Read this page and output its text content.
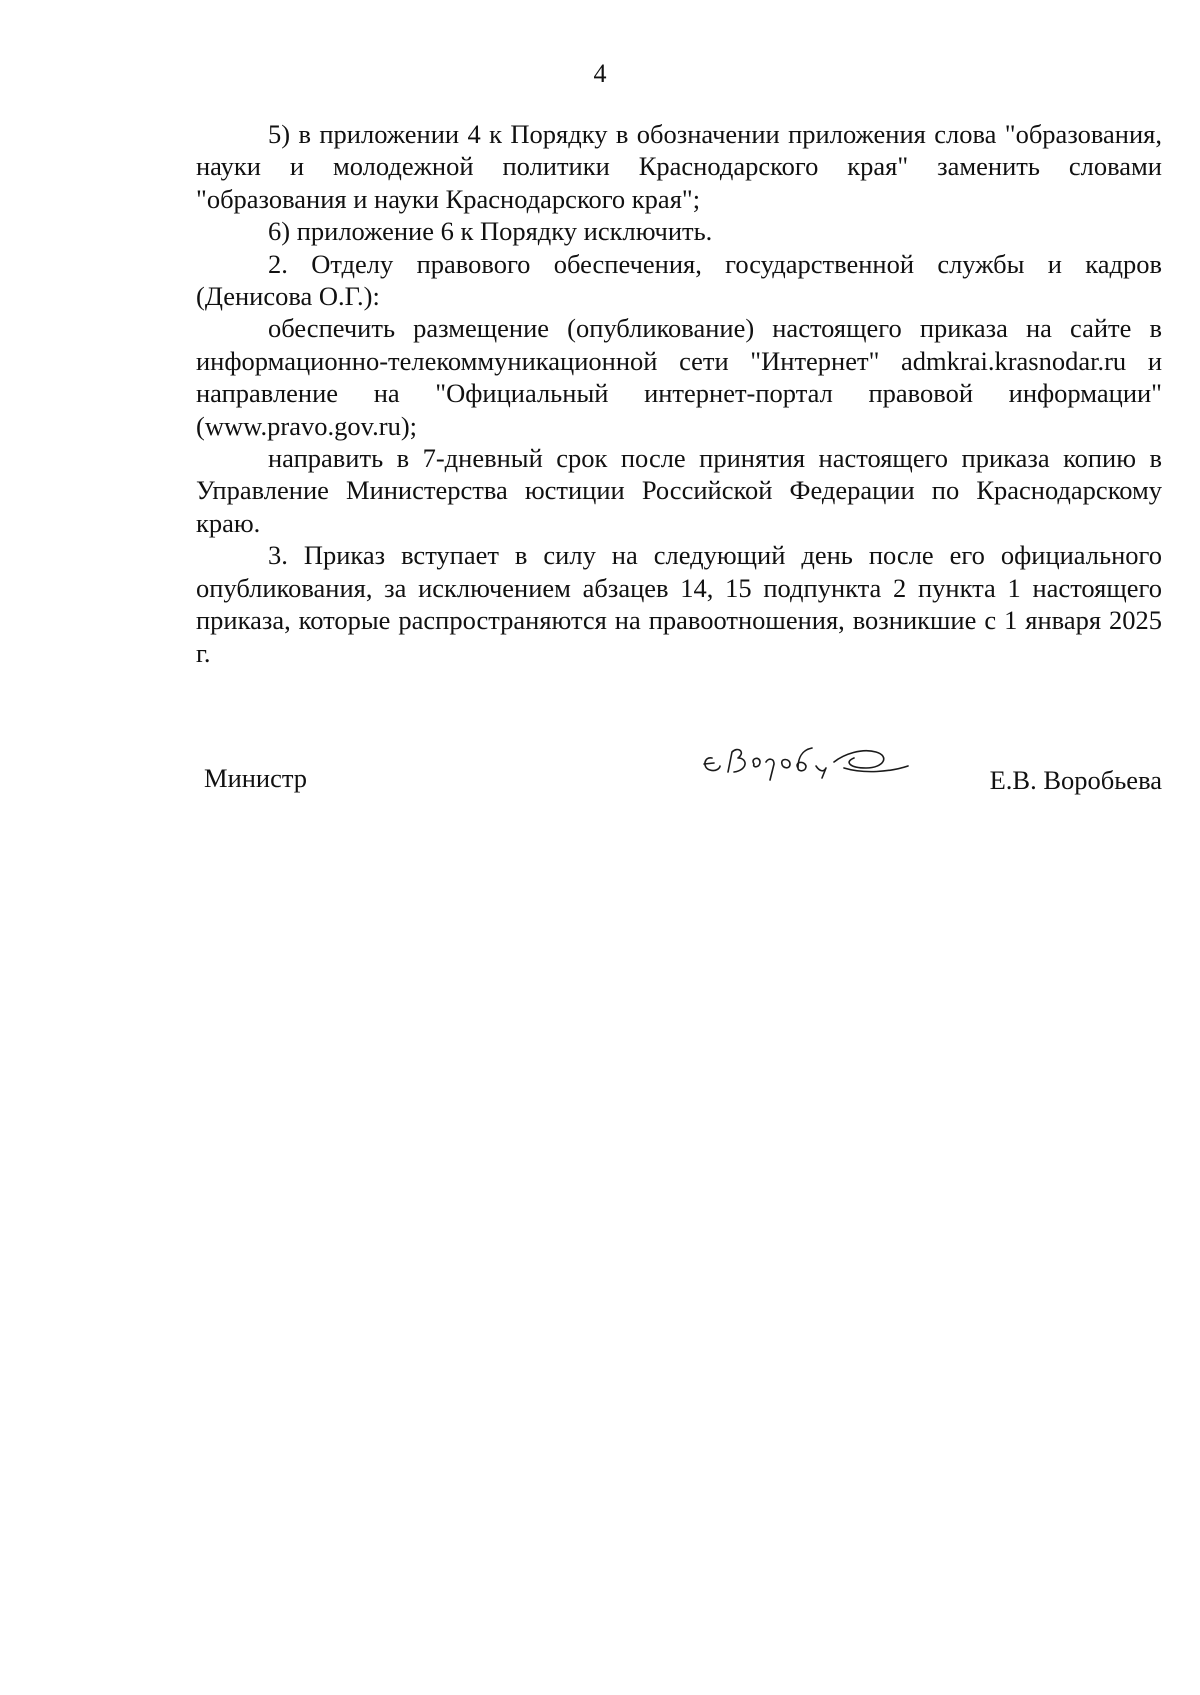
4

5) в приложении 4 к Порядку в обозначении приложения слова "образования, науки и молодежной политики Краснодарского края" заменить словами "образования и науки Краснодарского края";

6) приложение 6 к Порядку исключить.

2. Отделу правового обеспечения, государственной службы и кадров (Денисова О.Г.):

обеспечить размещение (опубликование) настоящего приказа на сайте в информационно-телекоммуникационной сети "Интернет" admkrai.krasnodar.ru и направление на "Официальный интернет-портал правовой информации" (www.pravo.gov.ru);

направить в 7-дневный срок после принятия настоящего приказа копию в Управление Министерства юстиции Российской Федерации по Краснодарскому краю.

3. Приказ вступает в силу на следующий день после его официального опубликования, за исключением абзацев 14, 15 подпункта 2 пункта 1 настоящего приказа, которые распространяются на правоотношения, возникшие с 1 января 2025 г.

Министр	Е.В. Воробьева
